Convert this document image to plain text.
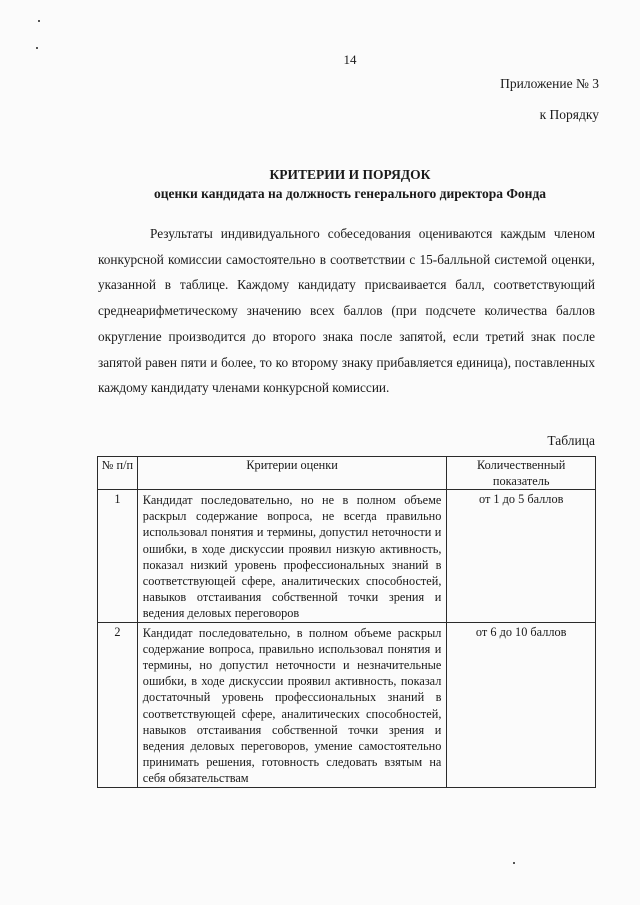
14
Приложение № 3
к Порядку
КРИТЕРИИ И ПОРЯДОК
оценки кандидата на должность генерального директора Фонда
Результаты индивидуального собеседования оцениваются каждым членом конкурсной комиссии самостоятельно в соответствии с 15-балльной системой оценки, указанной в таблице. Каждому кандидату присваивается балл, соответствующий среднеарифметическому значению всех баллов (при подсчете количества баллов округление производится до второго знака после запятой, если третий знак после запятой равен пяти и более, то ко второму знаку прибавляется единица), поставленных каждому кандидату членами конкурсной комиссии.
Таблица
№ п/п	Критерии оценки	Количественный показатель
1	Кандидат последовательно, но не в полном объеме раскрыл содержание вопроса, не всегда правильно использовал понятия и термины, допустил неточности и ошибки, в ходе дискуссии проявил низкую активность, показал низкий уровень профессиональных знаний в соответствующей сфере, аналитических способностей, навыков отстаивания собственной точки зрения и ведения деловых переговоров	от 1 до 5 баллов
2	Кандидат последовательно, в полном объеме раскрыл содержание вопроса, правильно использовал понятия и термины, но допустил неточности и незначительные ошибки, в ходе дискуссии проявил активность, показал достаточный уровень профессиональных знаний в соответствующей сфере, аналитических способностей, навыков отстаивания собственной точки зрения и ведения деловых переговоров, умение самостоятельно принимать решения, готовность следовать взятым на себя обязательствам	от 6 до 10 баллов
